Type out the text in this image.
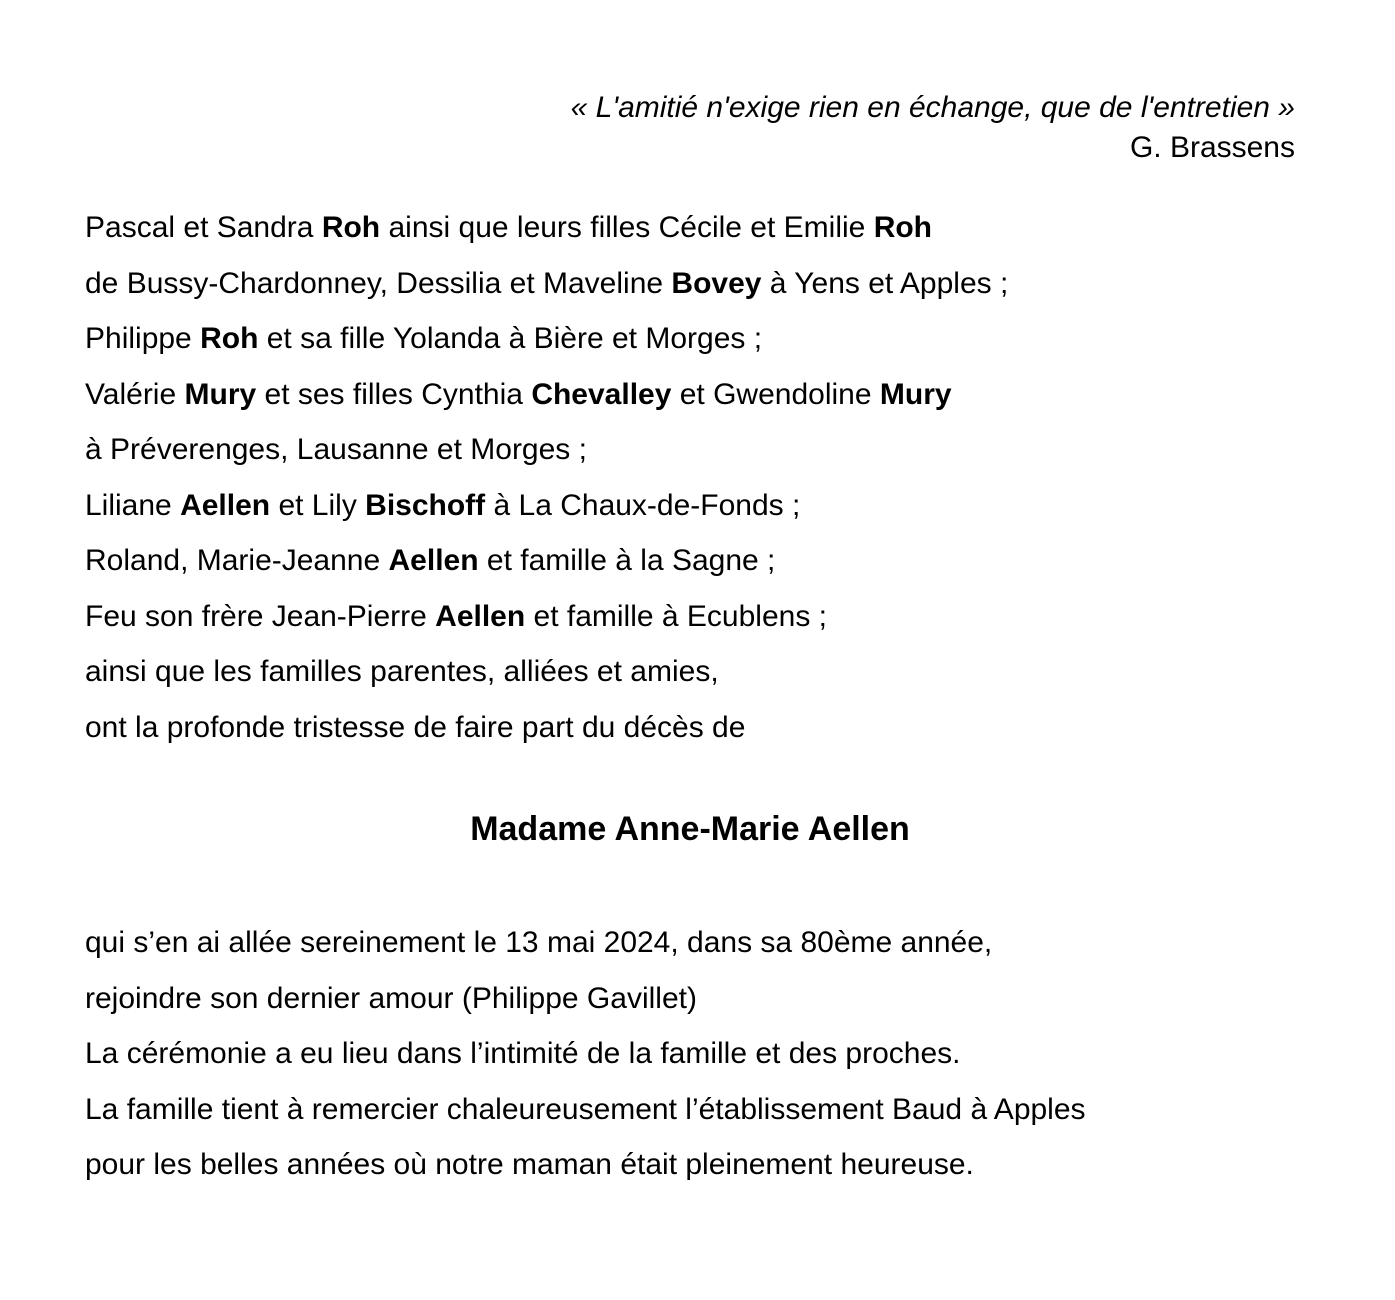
« L'amitié n'exige rien en échange, que de l'entretien »
G. Brassens
Pascal et Sandra Roh ainsi que leurs filles Cécile et Emilie Roh
de Bussy-Chardonney, Dessilia et Maveline Bovey à Yens et Apples ;
Philippe Roh et sa fille Yolanda à Bière et Morges ;
Valérie Mury et ses filles Cynthia Chevalley et Gwendoline Mury
à Préverenges, Lausanne et Morges ;
Liliane Aellen et Lily Bischoff à La Chaux-de-Fonds ;
Roland, Marie-Jeanne Aellen et famille à la Sagne ;
Feu son frère Jean-Pierre Aellen et famille à Ecublens ;
ainsi que les familles parentes, alliées et amies,
ont la profonde tristesse de faire part du décès de
Madame Anne-Marie Aellen
qui s’en ai allée sereinement le 13 mai 2024, dans sa 80ème année,
rejoindre son dernier amour (Philippe Gavillet)
La cérémonie a eu lieu dans l’intimité de la famille et des proches.
La famille tient à remercier chaleureusement l’établissement Baud à Apples
pour les belles années où notre maman était pleinement heureuse.
